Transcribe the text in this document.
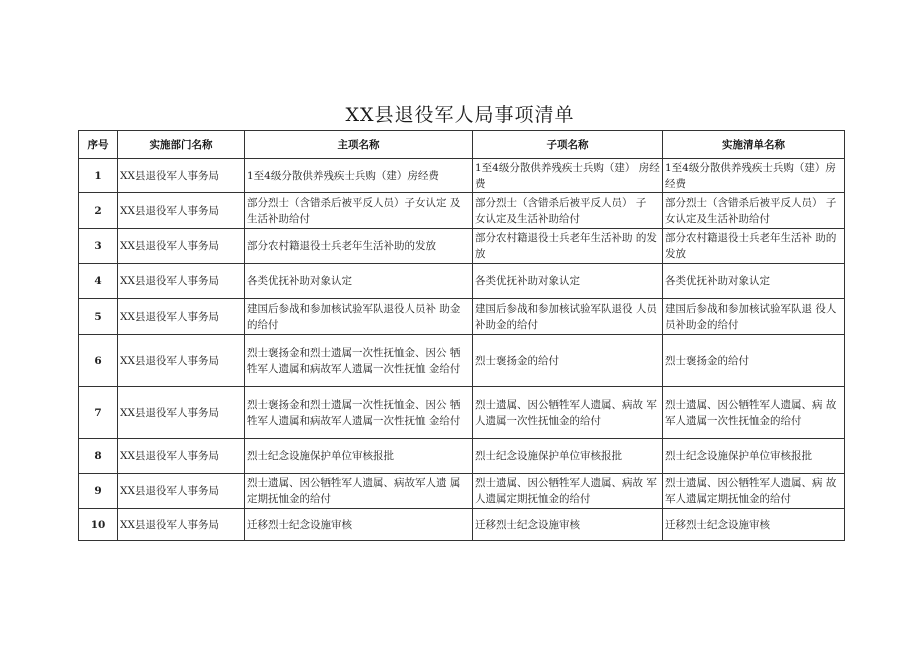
XX县退役军人局事项清单
序号	实施部门名称	主项名称	子项名称	实施清单名称
1	XX县退役军人事务局	1至4级分散供养残疾士兵购（建）房经费	1至4级分散供养残疾士兵购（建） 房经费	1至4级分散供养残疾士兵购（建）房经费
2	XX县退役军人事务局	部分烈士（含错杀后被平反人员）子女认定 及生活补助给付	部分烈士（含错杀后被平反人员） 子 女认定及生活补助给付	部分烈士（含错杀后被平反人员） 子女认定及生活补助给付
3	XX县退役军人事务局	部分农村籍退役士兵老年生活补助的发放	部分农村籍退役士兵老年生活补助 的发放	部分农村籍退役士兵老年生活补 助的发放
4	XX县退役军人事务局	各类优抚补助对象认定	各类优抚补助对象认定	各类优抚补助对象认定
5	XX县退役军人事务局	建国后参战和参加核试验军队退役人员补 助金的给付	建国后参战和参加核试验军队退役 人员补助金的给付	建国后参战和参加核试验军队退 役人员补助金的给付
6	XX县退役军人事务局	烈士褒扬金和烈士遗属一次性抚恤金、因公 牺牲军人遗属和病故军人遗属一次性抚恤 金给付	烈士褒扬金的给付	烈士褒扬金的给付
7	XX县退役军人事务局	烈士褒扬金和烈士遗属一次性抚恤金、因公 牺牲军人遗属和病故军人遗属一次性抚恤 金给付	烈士遗属、因公牺牲军人遗属、病故 军人遗属一次性抚恤金的给付	烈士遗属、因公牺牲军人遗属、病 故军人遗属一次性抚恤金的给付
8	XX县退役军人事务局	烈士纪念设施保护单位审核报批	烈士纪念设施保护单位审核报批	烈士纪念设施保护单位审核报批
9	XX县退役军人事务局	烈士遗属、因公牺牲军人遗属、病故军人遗 属定期抚恤金的给付	烈士遗属、因公牺牲军人遗属、病故 军人遗属定期抚恤金的给付	烈士遗属、因公牺牲军人遗属、病 故军人遗属定期抚恤金的给付
10	XX县退役军人事务局	迁移烈士纪念设施审核	迁移烈士纪念设施审核	迁移烈士纪念设施审核
